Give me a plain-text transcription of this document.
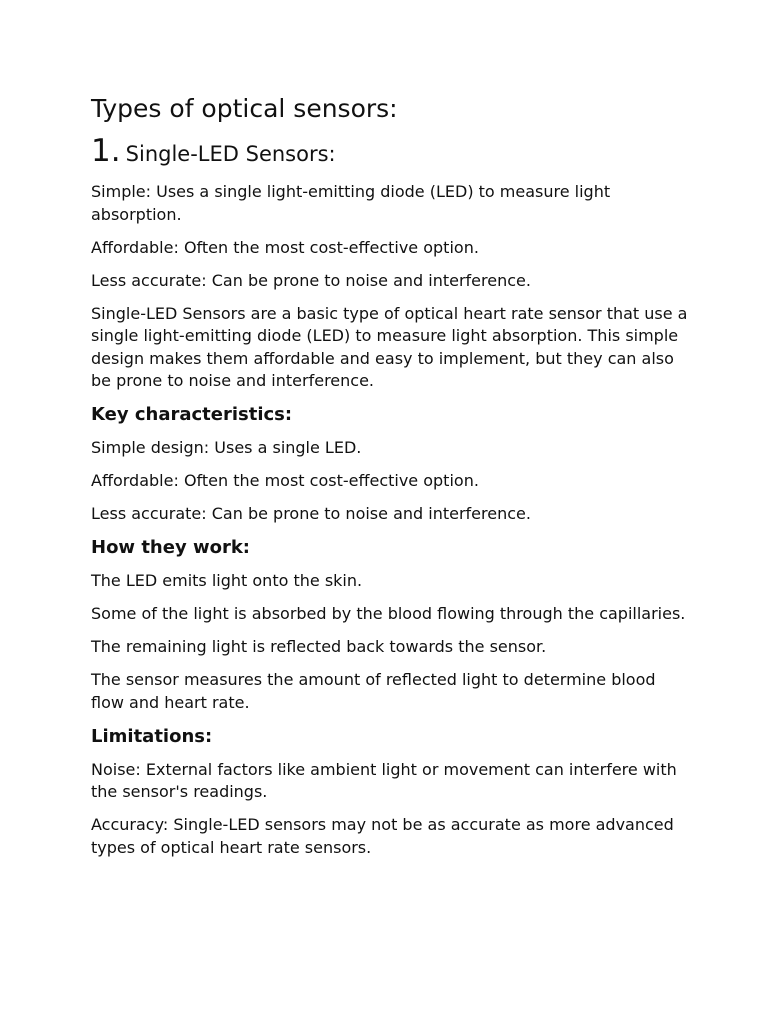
Types of optical sensors:
1. Single-LED Sensors:

Simple: Uses a single light-emitting diode (LED) to measure light absorption.

Affordable: Often the most cost-effective option.

Less accurate: Can be prone to noise and interference.

Single-LED Sensors are a basic type of optical heart rate sensor that use a single light-emitting diode (LED) to measure light absorption. This simple design makes them affordable and easy to implement, but they can also be prone to noise and interference.

Key characteristics:

Simple design: Uses a single LED.

Affordable: Often the most cost-effective option.

Less accurate: Can be prone to noise and interference.

How they work:

The LED emits light onto the skin.

Some of the light is absorbed by the blood flowing through the capillaries.

The remaining light is reflected back towards the sensor.

The sensor measures the amount of reflected light to determine blood flow and heart rate.

Limitations:

Noise: External factors like ambient light or movement can interfere with the sensor's readings.

Accuracy: Single-LED sensors may not be as accurate as more advanced types of optical heart rate sensors.
